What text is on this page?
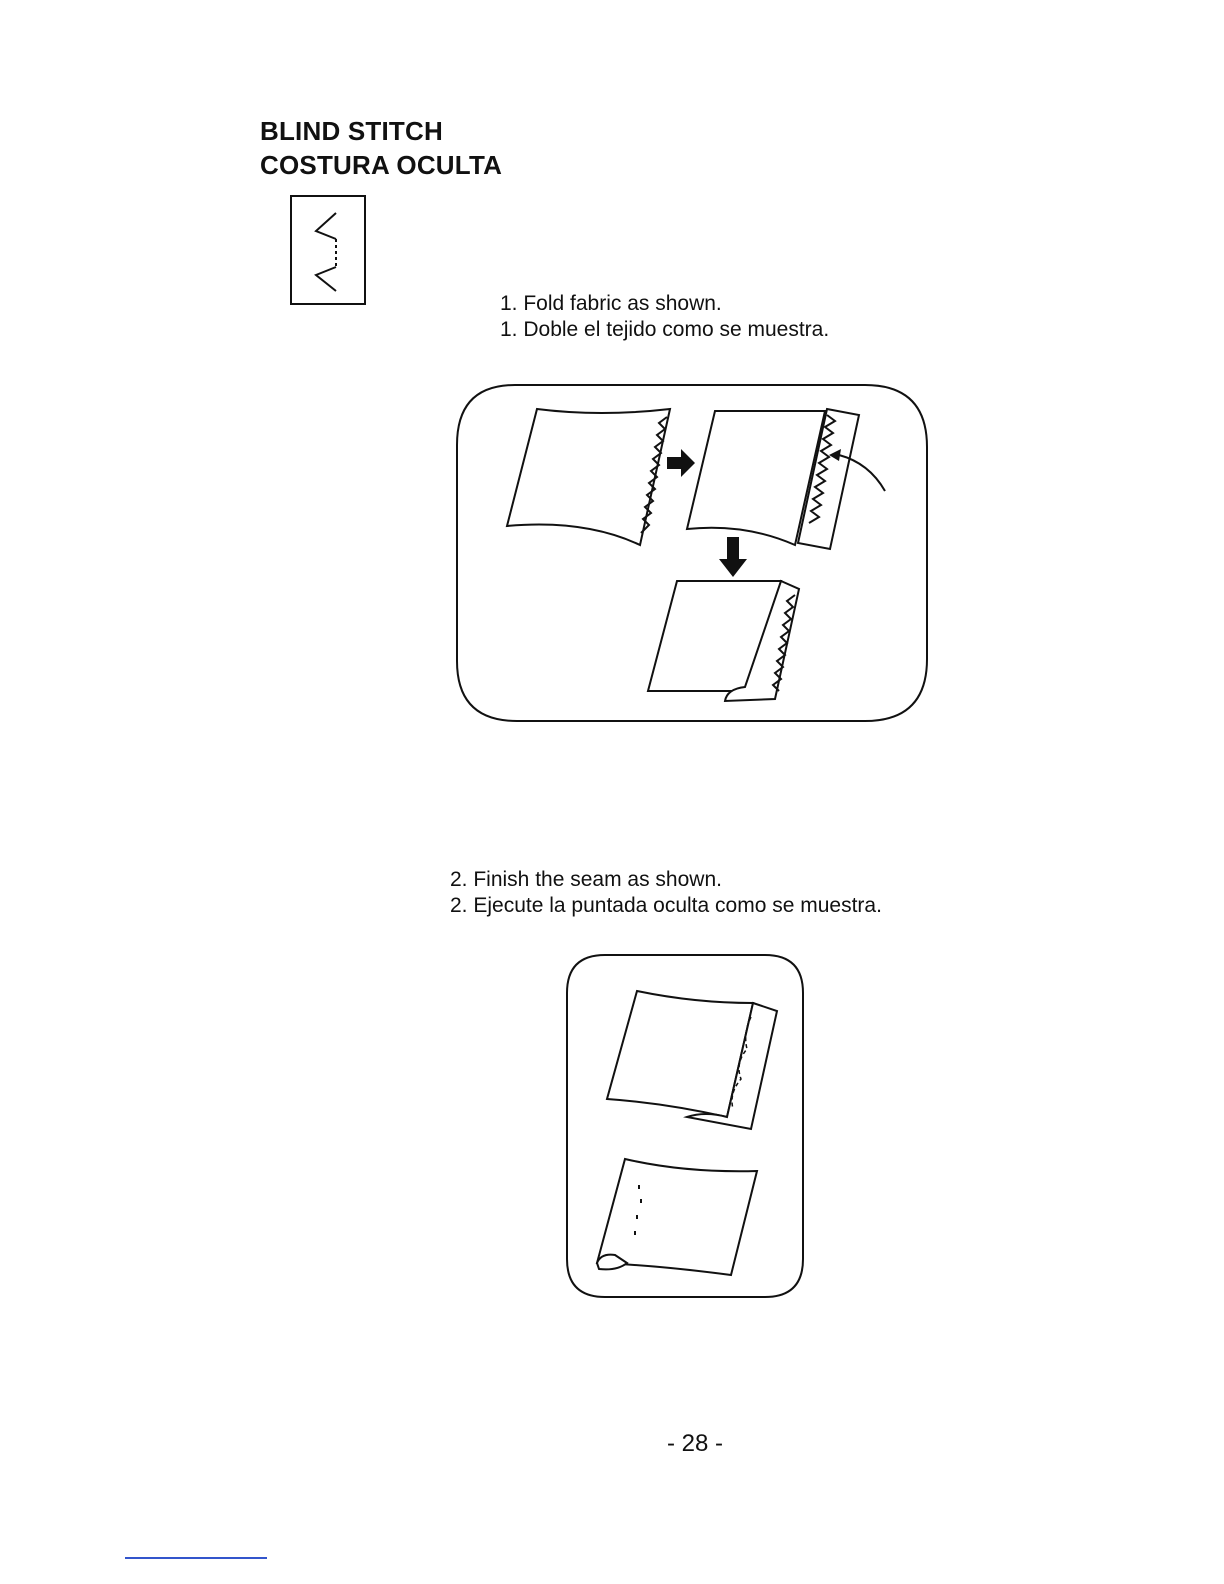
BLIND STITCH
COSTURA OCULTA
1. Fold fabric as shown.
1. Doble el tejido como se muestra.
2. Finish the seam as shown.
2. Ejecute la puntada oculta como se muestra.
- 28 -
